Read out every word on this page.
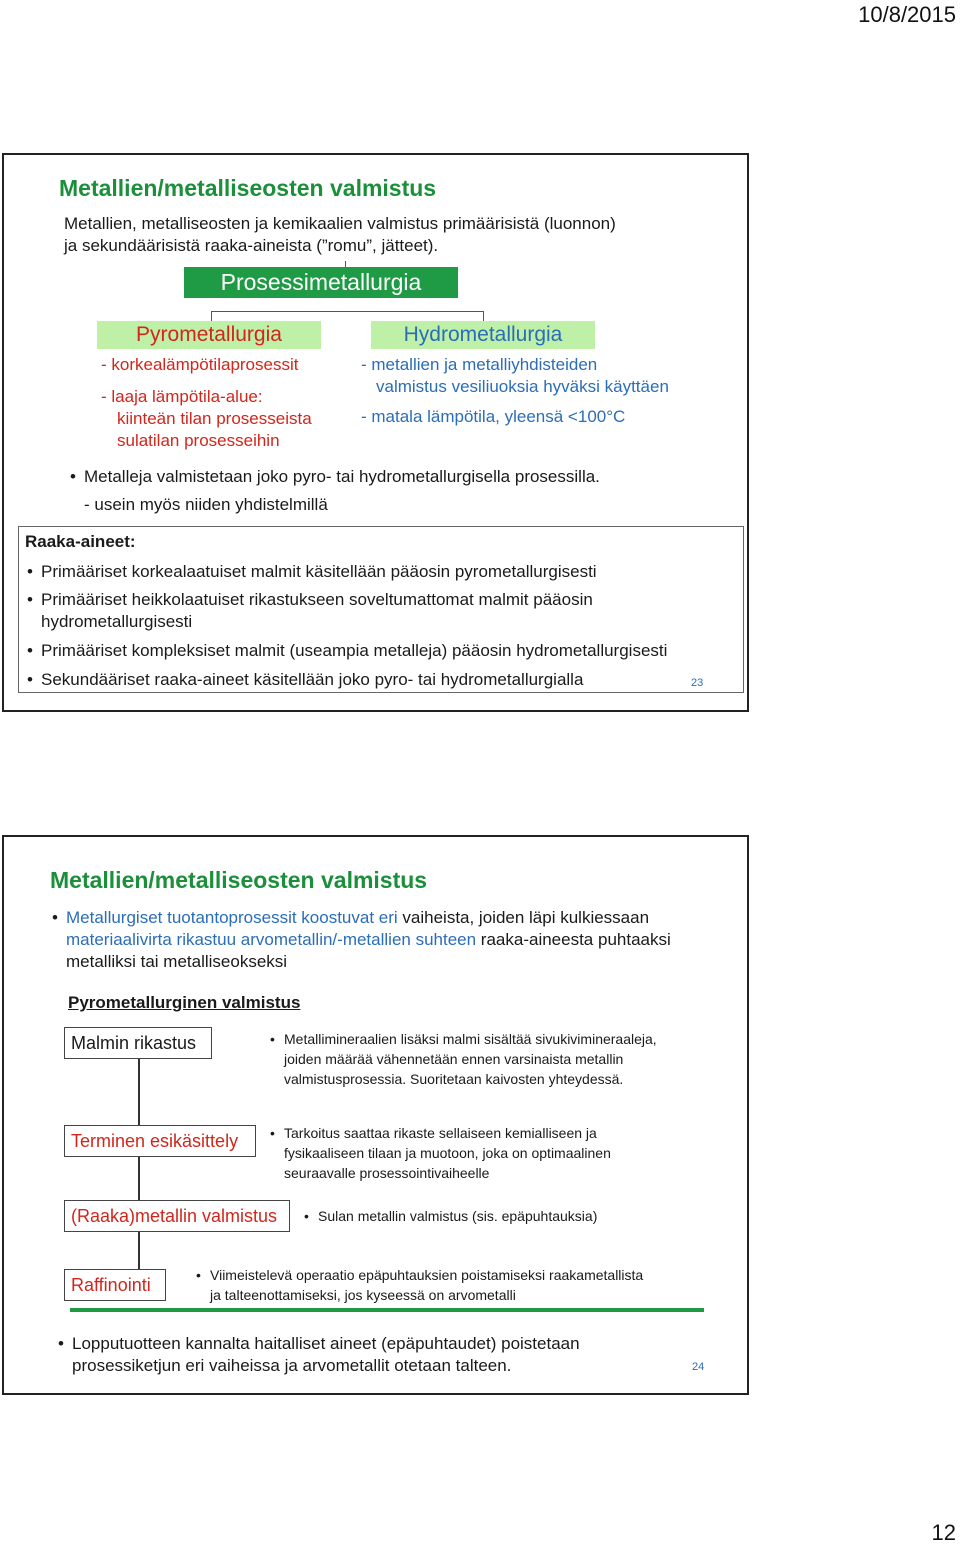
10/8/2015
Metallien/metalliseosten valmistus
Metallien, metalliseosten ja kemikaalien valmistus primäärisistä (luonnon)
ja sekundäärisistä raaka-aineista (”romu”, jätteet).
Prosessimetallurgia
Pyrometallurgia	Hydrometallurgia
- korkealämpötilaprosessit
- laaja lämpötila-alue:
kiinteän tilan prosesseista
sulatilan prosesseihin
- metallien ja metalliyhdisteiden
valmistus vesiliuoksia hyväksi käyttäen
- matala lämpötila, yleensä <100°C
• Metalleja valmistetaan joko pyro- tai hydrometallurgisella prosessilla.
- usein myös niiden yhdistelmillä
Raaka-aineet:
• Primääriset korkealaatuiset malmit käsitellään pääosin pyrometallurgisesti
• Primääriset heikkolaatuiset rikastukseen soveltumattomat malmit pääosin
hydrometallurgisesti
• Primääriset kompleksiset malmit (useampia metalleja) pääosin hydrometallurgisesti
• Sekundääriset raaka-aineet käsitellään joko pyro- tai hydrometallurgialla	23
Metallien/metalliseosten valmistus
• Metallurgiset tuotantoprosessit koostuvat eri vaiheista, joiden läpi kulkiessaan
materiaalivirta rikastuu arvometallin/-metallien suhteen raaka-aineesta puhtaaksi
metalliksi tai metalliseokseksi
Pyrometallurginen valmistus
Malmin rikastus
Terminen esikäsittely
(Raaka)metallin valmistus
Raffinointi
• Metallimineraalien lisäksi malmi sisältää sivukivimineraaleja,
joiden määrää vähennetään ennen varsinaista metallin
valmistusprosessia. Suoritetaan kaivosten yhteydessä.
• Tarkoitus saattaa rikaste sellaiseen kemialliseen ja
fysikaaliseen tilaan ja muotoon, joka on optimaalinen
seuraavalle prosessointivaiheelle
• Sulan metallin valmistus (sis. epäpuhtauksia)
• Viimeistelevä operaatio epäpuhtauksien poistamiseksi raakametallista
ja talteenottamiseksi, jos kyseessä on arvometalli
• Lopputuotteen kannalta haitalliset aineet (epäpuhtaudet) poistetaan
prosessiketjun eri vaiheissa ja arvometallit otetaan talteen.	24
12
